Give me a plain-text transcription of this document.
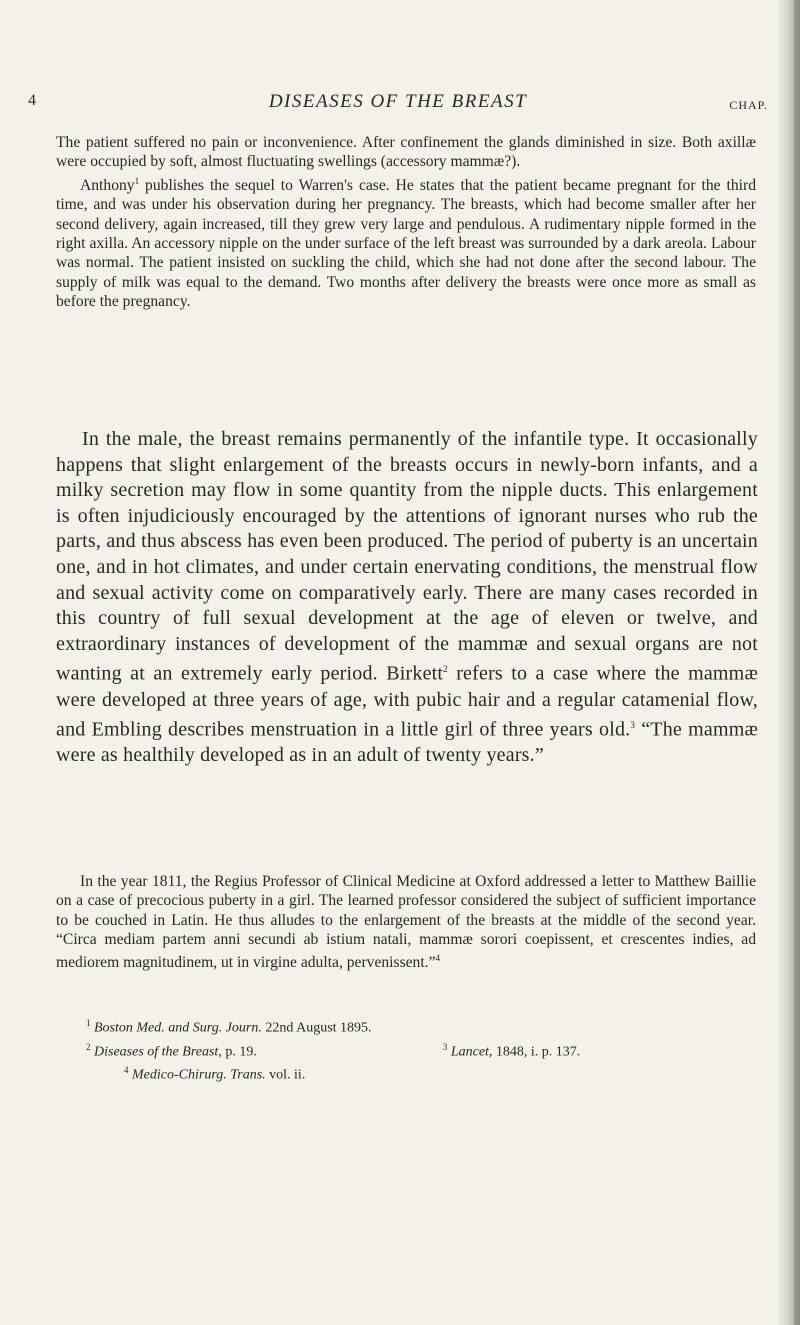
4	DISEASES OF THE BREAST	CHAP.

The patient suffered no pain or inconvenience. After confinement the glands diminished in size. Both axillæ were occupied by soft, almost fluctuating swellings (accessory mammæ?).

Anthony$^1$ publishes the sequel to Warren's case. He states that the patient became pregnant for the third time, and was under his observation during her pregnancy. The breasts, which had become smaller after her second delivery, again increased, till they grew very large and pendulous. A rudimentary nipple formed in the right axilla. An accessory nipple on the under surface of the left breast was surrounded by a dark areola. Labour was normal. The patient insisted on suckling the child, which she had not done after the second labour. The supply of milk was equal to the demand. Two months after delivery the breasts were once more as small as before the pregnancy.

In the male, the breast remains permanently of the infantile type. It occasionally happens that slight enlargement of the breasts occurs in newly-born infants, and a milky secretion may flow in some quantity from the nipple ducts. This enlargement is often injudiciously encouraged by the attentions of ignorant nurses who rub the parts, and thus abscess has even been produced. The period of puberty is an uncertain one, and in hot climates, and under certain enervating conditions, the menstrual flow and sexual activity come on comparatively early. There are many cases recorded in this country of full sexual development at the age of eleven or twelve, and extraordinary instances of development of the mammæ and sexual organs are not wanting at an extremely early period. Birkett$^2$ refers to a case where the mammæ were developed at three years of age, with pubic hair and a regular catamenial flow, and Embling describes menstruation in a little girl of three years old.$^3$ “The mammæ were as healthily developed as in an adult of twenty years.”

In the year 1811, the Regius Professor of Clinical Medicine at Oxford addressed a letter to Matthew Baillie on a case of precocious puberty in a girl. The learned professor considered the subject of sufficient importance to be couched in Latin. He thus alludes to the enlargement of the breasts at the middle of the second year. “Circa mediam partem anni secundi ab istium natali, mammæ sorori coepissent, et crescentes indies, ad mediorem magnitudinem, ut in virgine adulta, pervenissent.”$^4$

$^1$ Boston Med. and Surg. Journ. 22nd August 1895.

$^2$ Diseases of the Breast, p. 19.	$^3$ Lancet, 1848, i. p. 137.

$^4$ Medico-Chirurg. Trans. vol. ii.
